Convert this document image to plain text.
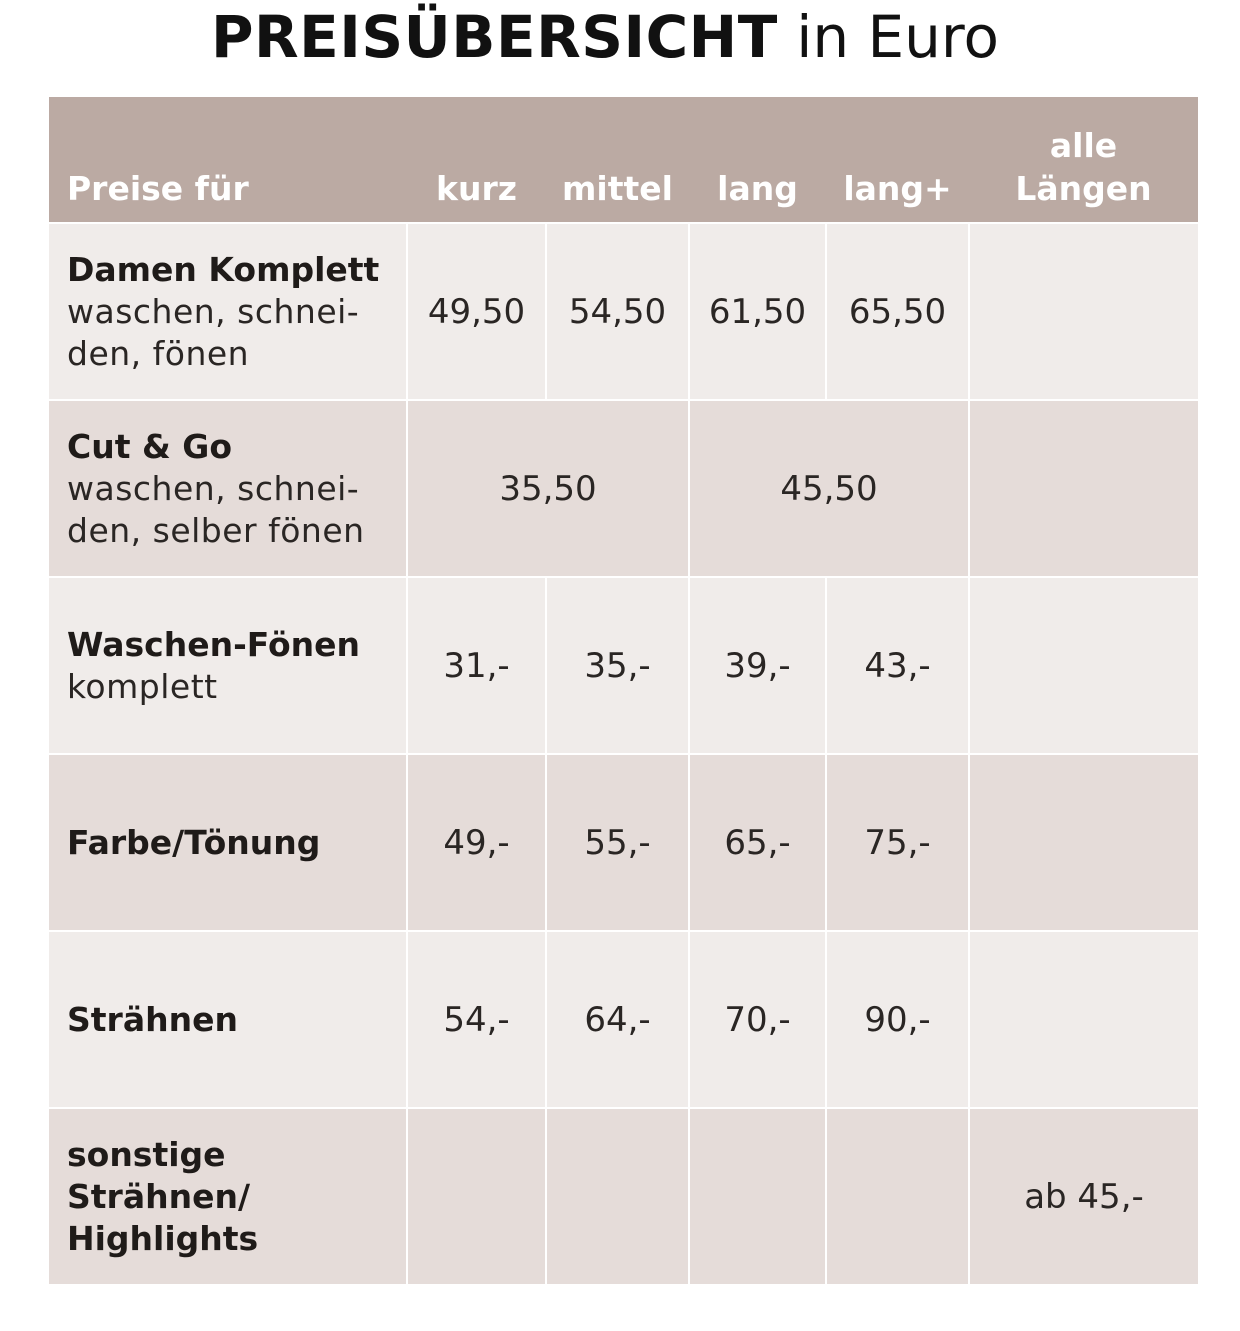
PREISÜBERSICHT in Euro
Preise für	kurz	mittel	lang	lang+	alle
Längen

Damen Komplett
waschen, schnei-
den, fönen	49,50	54,50	61,50	65,50	

Cut & Go
waschen, schnei-
den, selber fönen	35,50		45,50		

Waschen-Fönen
komplett	31,-	35,-	39,-	43,-	

Farbe/Tönung	49,-	55,-	65,-	75,-	

Strähnen	54,-	64,-	70,-	90,-	

sonstige
Strähnen/
Highlights					ab 45,-
